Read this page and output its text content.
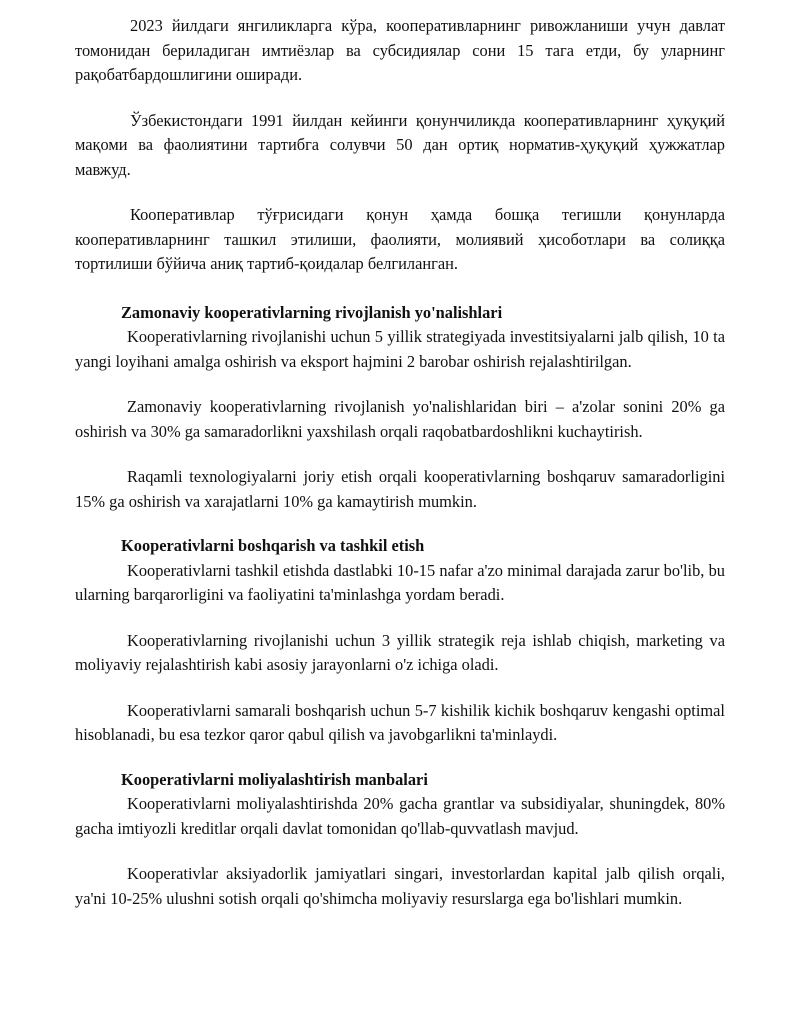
2023 йилдаги янгиликларга кўра, кооперативларнинг ривожланиши учун давлат томонидан бериладиган имтиёзлар ва субсидиялар сони 15 тага етди, бу уларнинг рақобатбардошлигини оширади.

Ўзбекистондаги 1991 йилдан кейинги қонунчиликда кооперативларнинг ҳуқуқий мақоми ва фаолиятини тартибга солувчи 50 дан ортиқ норматив-ҳуқуқий ҳужжатлар мавжуд.

Кооперативлар тўғрисидаги қонун ҳамда бошқа тегишли қонунларда кооперативларнинг ташкил этилиши, фаолияти, молиявий ҳисоботлари ва солиққа тортилиши бўйича аниқ тартиб-қоидалар белгиланган.

Zamonaviy kooperativlarning rivojlanish yo'nalishlari

Kooperativlarning rivojlanishi uchun 5 yillik strategiyada investitsiyalarni jalb qilish, 10 ta yangi loyihani amalga oshirish va eksport hajmini 2 barobar oshirish rejalashtirilgan.

Zamonaviy kooperativlarning rivojlanish yo'nalishlaridan biri – a'zolar sonini 20% ga oshirish va 30% ga samaradorlikni yaxshilash orqali raqobatbardoshlikni kuchaytirish.

Raqamli texnologiyalarni joriy etish orqali kooperativlarning boshqaruv samaradorligini 15% ga oshirish va xarajatlarni 10% ga kamaytirish mumkin.

Kooperativlarni boshqarish va tashkil etish

Kooperativlarni tashkil etishda dastlabki 10-15 nafar a'zo minimal darajada zarur bo'lib, bu ularning barqarorligini va faoliyatini ta'minlashga yordam beradi.

Kooperativlarning rivojlanishi uchun 3 yillik strategik reja ishlab chiqish, marketing va moliyaviy rejalashtirish kabi asosiy jarayonlarni o'z ichiga oladi.

Kooperativlarni samarali boshqarish uchun 5-7 kishilik kichik boshqaruv kengashi optimal hisoblanadi, bu esa tezkor qaror qabul qilish va javobgarlikni ta'minlaydi.

Kooperativlarni moliyalashtirish manbalari

Kooperativlarni moliyalashtirishda 20% gacha grantlar va subsidiyalar, shuningdek, 80% gacha imtiyozli kreditlar orqali davlat tomonidan qo'llab-quvvatlash mavjud.

Kooperativlar aksiyadorlik jamiyatlari singari, investorlardan kapital jalb qilish orqali, ya'ni 10-25% ulushni sotish orqali qo'shimcha moliyaviy resurslarga ega bo'lishlari mumkin.
